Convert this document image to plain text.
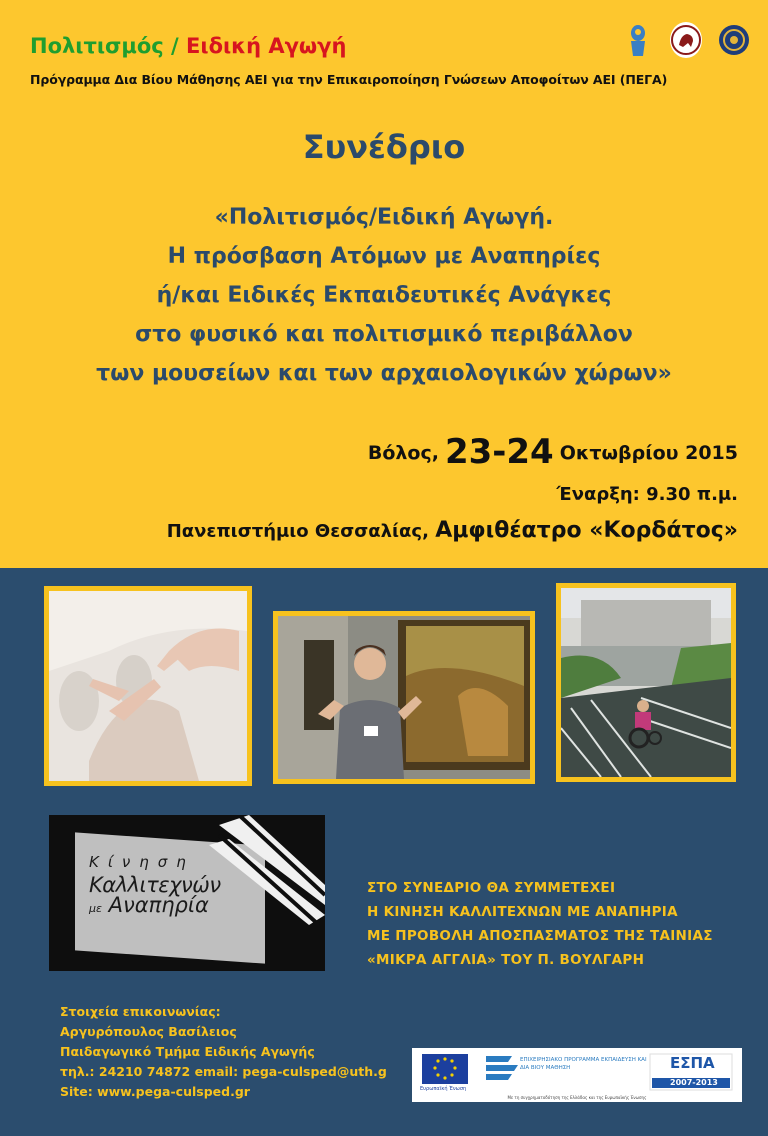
Πολιτισμός / Ειδική Αγωγή
Πρόγραμμα Δια Βίου Μάθησης ΑΕΙ για την Επικαιροποίηση Γνώσεων Αποφοίτων ΑΕΙ (ΠΕΓΑ)
Συνέδριο
«Πολιτισμός/Ειδική Αγωγή.
Η πρόσβαση Ατόμων με Αναπηρίες
ή/και Ειδικές Εκπαιδευτικές Ανάγκες
στο φυσικό και πολιτισμικό περιβάλλον
των μουσείων και των αρχαιολογικών χώρων»
Βόλος, 23-24 Οκτωβρίου 2015
Έναρξη: 9.30 π.μ.
Πανεπιστήμιο Θεσσαλίας, Αμφιθέατρο «Κορδάτος»
Κίνηση
Καλλιτεχνών
με Αναπηρία
ΣΤΟ ΣΥΝΕΔΡΙΟ ΘΑ ΣΥΜΜΕΤΕΧΕΙ
Η ΚΙΝΗΣΗ ΚΑΛΛΙΤΕΧΝΩΝ ΜΕ ΑΝΑΠΗΡΙΑ
ΜΕ ΠΡΟΒΟΛΗ ΑΠΟΣΠΑΣΜΑΤΟΣ ΤΗΣ ΤΑΙΝΙΑΣ
«ΜΙΚΡΑ ΑΓΓΛΙΑ» ΤΟΥ Π. ΒΟΥΛΓΑΡΗ
Στοιχεία επικοινωνίας:
Αργυρόπουλος Βασίλειος
Παιδαγωγικό Τμήμα Ειδικής Αγωγής
τηλ.: 24210 74872 email: pega-culsped@uth.g
Site: www.pega-culsped.gr	Ευρωπαϊκή Ένωση
ΕΠΙΧΕΙΡΗΣΙΑΚΟ ΠΡΟΓΡΑΜΜΑ ΕΚΠΑΙΔΕΥΣΗ ΚΑΙ ΔΙΑ ΒΙΟΥ ΜΑΘΗΣΗ	ΕΣΠΑ
2007-2013
Με τη συγχρηματοδότηση της Ελλάδας και της Ευρωπαϊκής Ένωσης
